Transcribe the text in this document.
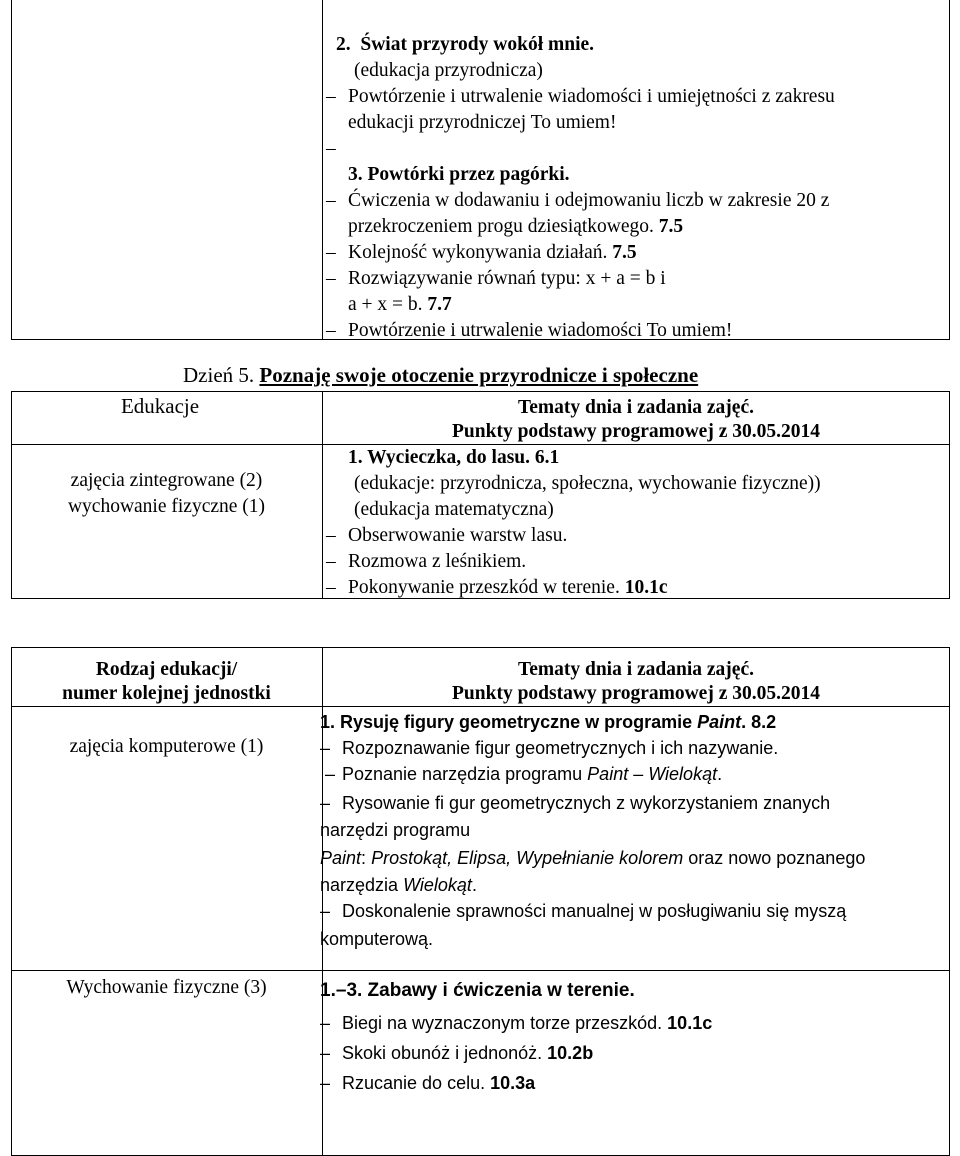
2. Świat przyrody wokół mnie.
(edukacja przyrodnicza)
– Powtórzenie i utrwalenie wiadomości i umiejętności z zakresu
edukacji przyrodniczej To umiem!
–
3. Powtórki przez pagórki.
– Ćwiczenia w dodawaniu i odejmowaniu liczb w zakresie 20 z
przekroczeniem progu dziesiątkowego. 7.5
– Kolejność wykonywania działań. 7.5
– Rozwiązywanie równań typu: x + a = b i
a + x = b. 7.7
– Powtórzenie i utrwalenie wiadomości To umiem!
Dzień 5. Poznaję swoje otoczenie przyrodnicze i społeczne
Edukacje	Tematy dnia i zadania zajęć.
Punkty podstawy programowej z 30.05.2014
zajęcia zintegrowane (2)
wychowanie fizyczne (1)
1. Wycieczka, do lasu. 6.1
(edukacje: przyrodnicza, społeczna, wychowanie fizyczne))
(edukacja matematyczna)
– Obserwowanie warstw lasu.
– Rozmowa z leśnikiem.
– Pokonywanie przeszkód w terenie. 10.1c
Rodzaj edukacji/
numer kolejnej jednostki
Tematy dnia i zadania zajęć.
Punkty podstawy programowej z 30.05.2014
zajęcia komputerowe (1)
1. Rysuję figury geometryczne w programie Paint. 8.2
– Rozpoznawanie figur geometrycznych i ich nazywanie.
– Poznanie narzędzia programu Paint – Wielokąt.
– Rysowanie fi gur geometrycznych z wykorzystaniem znanych
narzędzi programu
Paint: Prostokąt, Elipsa, Wypełnianie kolorem oraz nowo poznanego
narzędzia Wielokąt.
– Doskonalenie sprawności manualnej w posługiwaniu się myszą
komputerową.
Wychowanie fizyczne (3)	1.–3. Zabawy i ćwiczenia w terenie.
– Biegi na wyznaczonym torze przeszkód. 10.1c
– Skoki obunóż i jednonóż. 10.2b
– Rzucanie do celu. 10.3a
